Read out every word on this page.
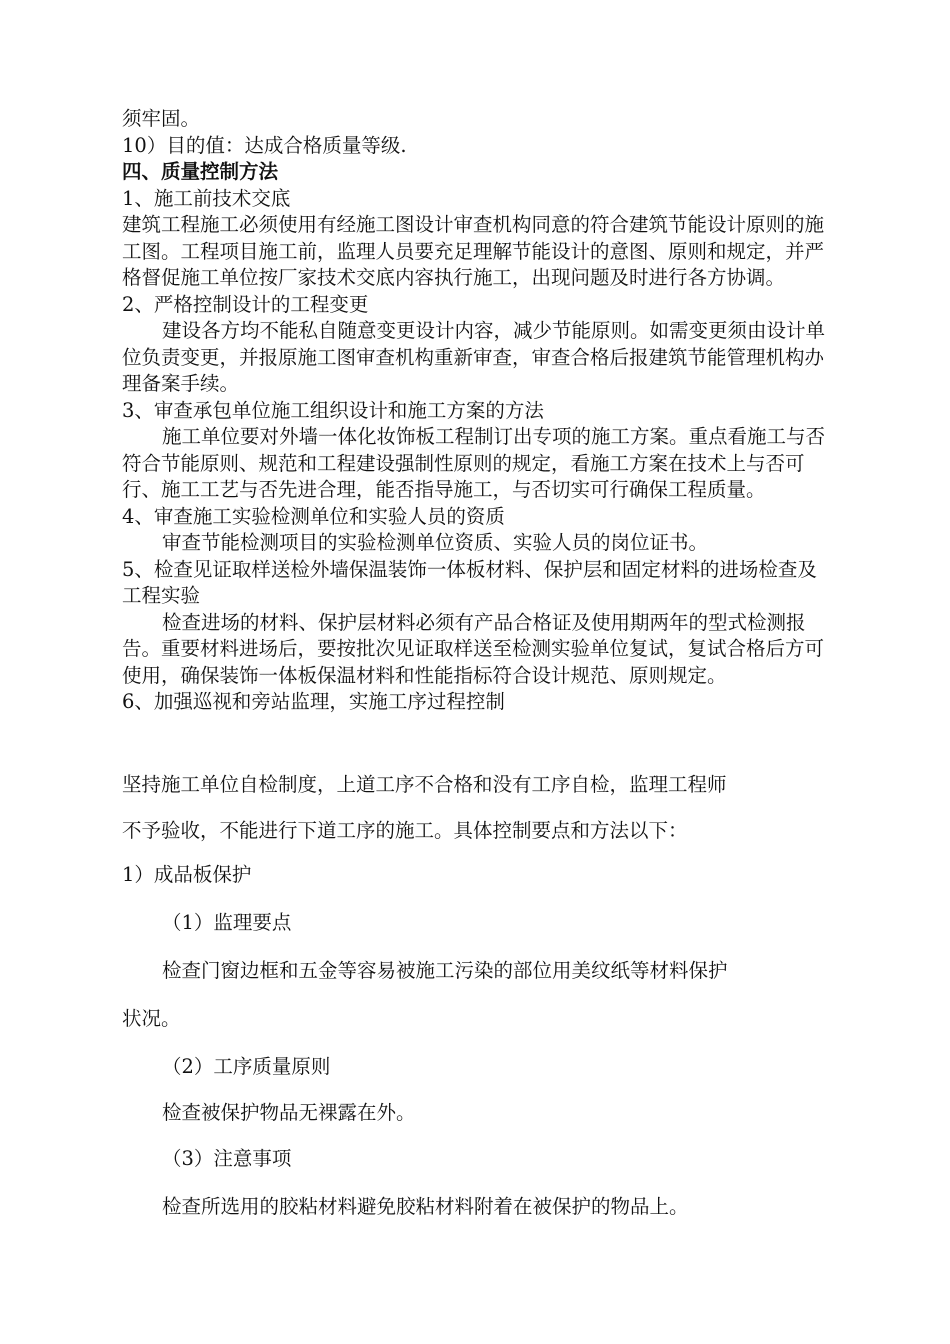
须牢固。

10）目的值：达成合格质量等级.

四、质量控制方法

1、施工前技术交底

建筑工程施工必须使用有经施工图设计审查机构同意的符合建筑节能设计原则的施工图。工程项目施工前，监理人员要充足理解节能设计的意图、原则和规定，并严格督促施工单位按厂家技术交底内容执行施工，出现问题及时进行各方协调。

2、严格控制设计的工程变更

建设各方均不能私自随意变更设计内容，减少节能原则。如需变更须由设计单位负责变更，并报原施工图审查机构重新审查，审查合格后报建筑节能管理机构办理备案手续。

3、审查承包单位施工组织设计和施工方案的方法

施工单位要对外墙一体化妆饰板工程制订出专项的施工方案。重点看施工与否符合节能原则、规范和工程建设强制性原则的规定，看施工方案在技术上与否可行、施工工艺与否先进合理，能否指导施工，与否切实可行确保工程质量。

4、审查施工实验检测单位和实验人员的资质

审查节能检测项目的实验检测单位资质、实验人员的岗位证书。

5、检查见证取样送检外墙保温装饰一体板材料、保护层和固定材料的进场检查及工程实验

检查进场的材料、保护层材料必须有产品合格证及使用期两年的型式检测报告。重要材料进场后，要按批次见证取样送至检测实验单位复试，复试合格后方可使用，确保装饰一体板保温材料和性能指标符合设计规范、原则规定。

6、加强巡视和旁站监理，实施工序过程控制

坚持施工单位自检制度，上道工序不合格和没有工序自检，监理工程师

不予验收，不能进行下道工序的施工。具体控制要点和方法以下：

1）成品板保护

（1）监理要点

检查门窗边框和五金等容易被施工污染的部位用美纹纸等材料保护

状况。

（2）工序质量原则

检查被保护物品无裸露在外。

（3）注意事项

检查所选用的胶粘材料避免胶粘材料附着在被保护的物品上。
